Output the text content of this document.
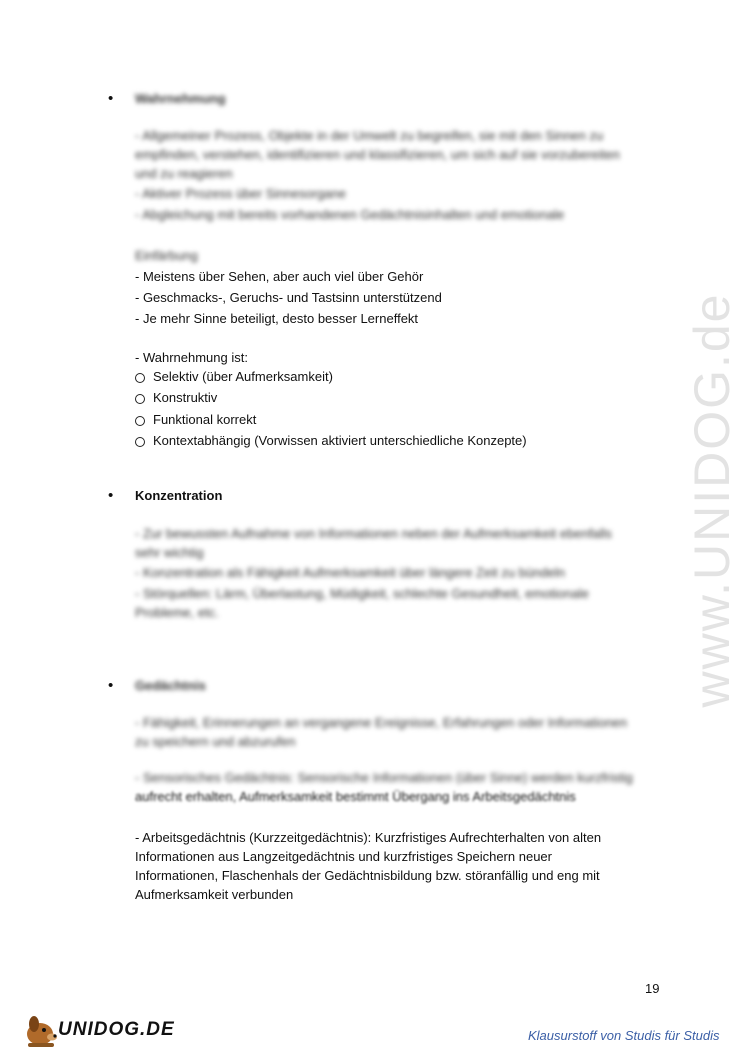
www.UNIDOG.de
• Wahrnehmung
- Allgemeiner Prozess, Objekte in der Umwelt zu begreifen, sie mit den Sinnen zu
empfinden, verstehen, identifizieren und klassifizieren, um sich auf sie vorzubereiten
und zu reagieren
- Aktiver Prozess über Sinnesorgane
- Abgleichung mit bereits vorhandenen Gedächtnisinhalten und emotionale
Einfärbung
- Meistens über Sehen, aber auch viel über Gehör
- Geschmacks-, Geruchs- und Tastsinn unterstützend
- Je mehr Sinne beteiligt, desto besser Lerneffekt
- Wahrnehmung ist:
Selektiv (über Aufmerksamkeit)
Konstruktiv
Funktional korrekt
Kontextabhängig (Vorwissen aktiviert unterschiedliche Konzepte)
• Konzentration
- Zur bewussten Aufnahme von Informationen neben der Aufmerksamkeit ebenfalls
sehr wichtig
- Konzentration als Fähigkeit Aufmerksamkeit über längere Zeit zu bündeln
- Störquellen: Lärm, Überlastung, Müdigkeit, schlechte Gesundheit, emotionale
Probleme, etc.
• Gedächtnis
- Fähigkeit, Erinnerungen an vergangene Ereignisse, Erfahrungen oder Informationen
zu speichern und abzurufen
- Sensorisches Gedächtnis: Sensorische Informationen (über Sinne) werden kurzfristig
aufrecht erhalten, Aufmerksamkeit bestimmt Übergang ins Arbeitsgedächtnis
- Arbeitsgedächtnis (Kurzzeitgedächtnis): Kurzfristiges Aufrechterhalten von alten
Informationen aus Langzeitgedächtnis und kurzfristiges Speichern neuer
Informationen, Flaschenhals der Gedächtnisbildung bzw. störanfällig und eng mit
Aufmerksamkeit verbunden
19
UNIDOG.DE	Klausurstoff von Studis für Studis
